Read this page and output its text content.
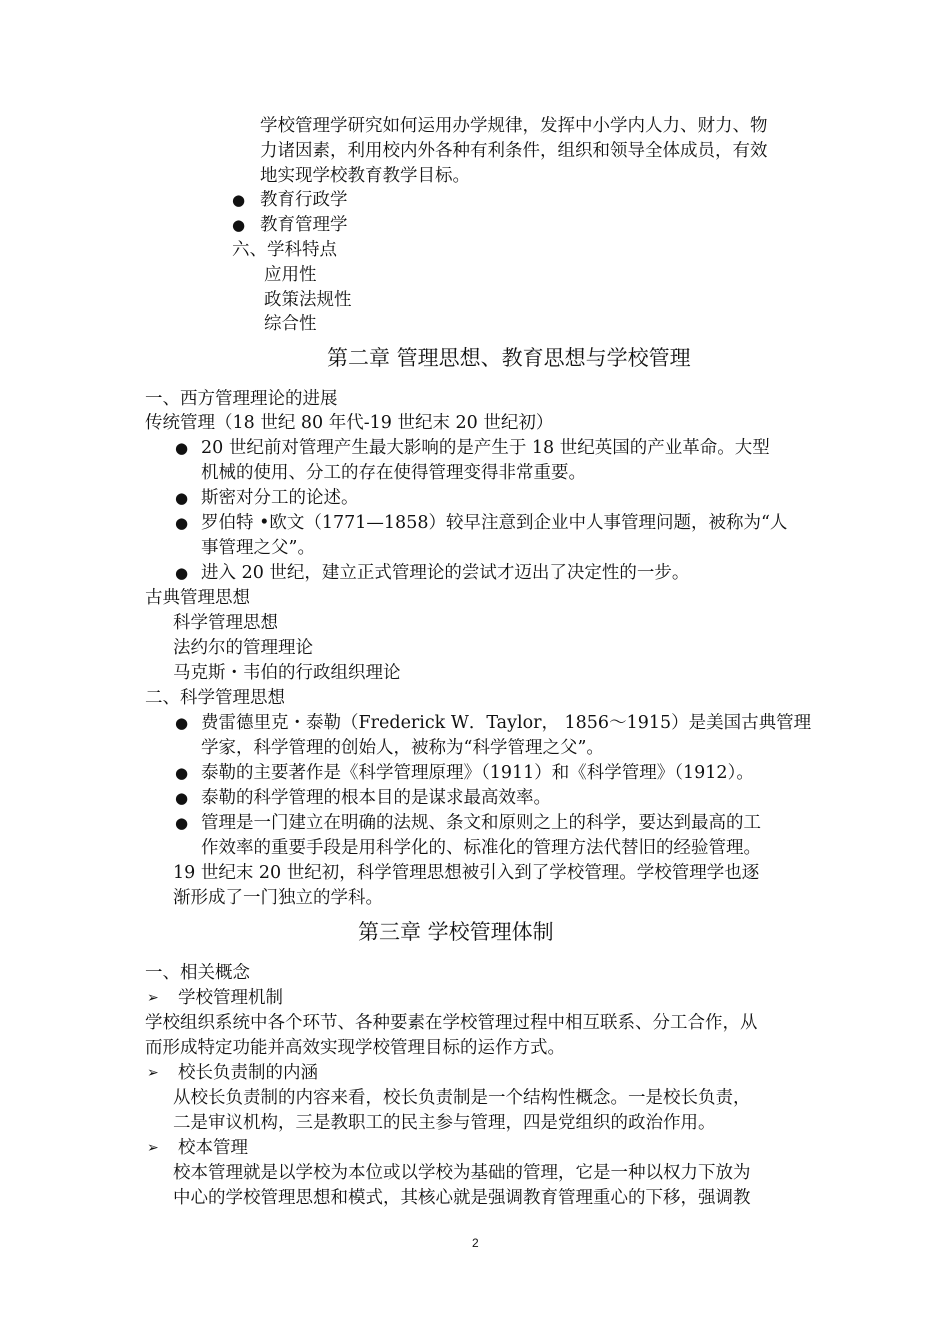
学校管理学研究如何运用办学规律，发挥中小学内人力、财力、物
力诸因素，利用校内外各种有利条件，组织和领导全体成员，有效
地实现学校教育教学目标。
● 教育行政学
● 教育管理学
六、学科特点
应用性
政策法规性
综合性
第二章 管理思想、教育思想与学校管理
一、西方管理理论的进展
传统管理（18 世纪 80 年代-19 世纪末 20 世纪初）
● 20 世纪前对管理产生最大影响的是产生于 18 世纪英国的产业革命。大型
机械的使用、分工的存在使得管理变得非常重要。
● 斯密对分工的论述。
● 罗伯特 •欧文（1771—1858）较早注意到企业中人事管理问题，被称为“人
事管理之父”。
● 进入 20 世纪，建立正式管理论的尝试才迈出了决定性的一步。
古典管理思想
科学管理思想
法约尔的管理理论
马克斯・韦伯的行政组织理论
二、科学管理思想
● 费雷德里克・泰勒（Frederick W．Taylor， 1856～1915）是美国古典管理
学家，科学管理的创始人，被称为“科学管理之父”。
● 泰勒的主要著作是《科学管理原理》（1911）和《科学管理》（1912）。
● 泰勒的科学管理的根本目的是谋求最高效率。
● 管理是一门建立在明确的法规、条文和原则之上的科学，要达到最高的工
作效率的重要手段是用科学化的、标准化的管理方法代替旧的经验管理。
19 世纪末 20 世纪初，科学管理思想被引入到了学校管理。学校管理学也逐
渐形成了一门独立的学科。
第三章 学校管理体制
一、相关概念
➢ 学校管理机制
学校组织系统中各个环节、各种要素在学校管理过程中相互联系、分工合作，从
而形成特定功能并高效实现学校管理目标的运作方式。
➢ 校长负责制的内涵
从校长负责制的内容来看，校长负责制是一个结构性概念。一是校长负责，
二是审议机构，三是教职工的民主参与管理，四是党组织的政治作用。
➢ 校本管理
校本管理就是以学校为本位或以学校为基础的管理，它是一种以权力下放为
中心的学校管理思想和模式，其核心就是强调教育管理重心的下移，强调教
2
